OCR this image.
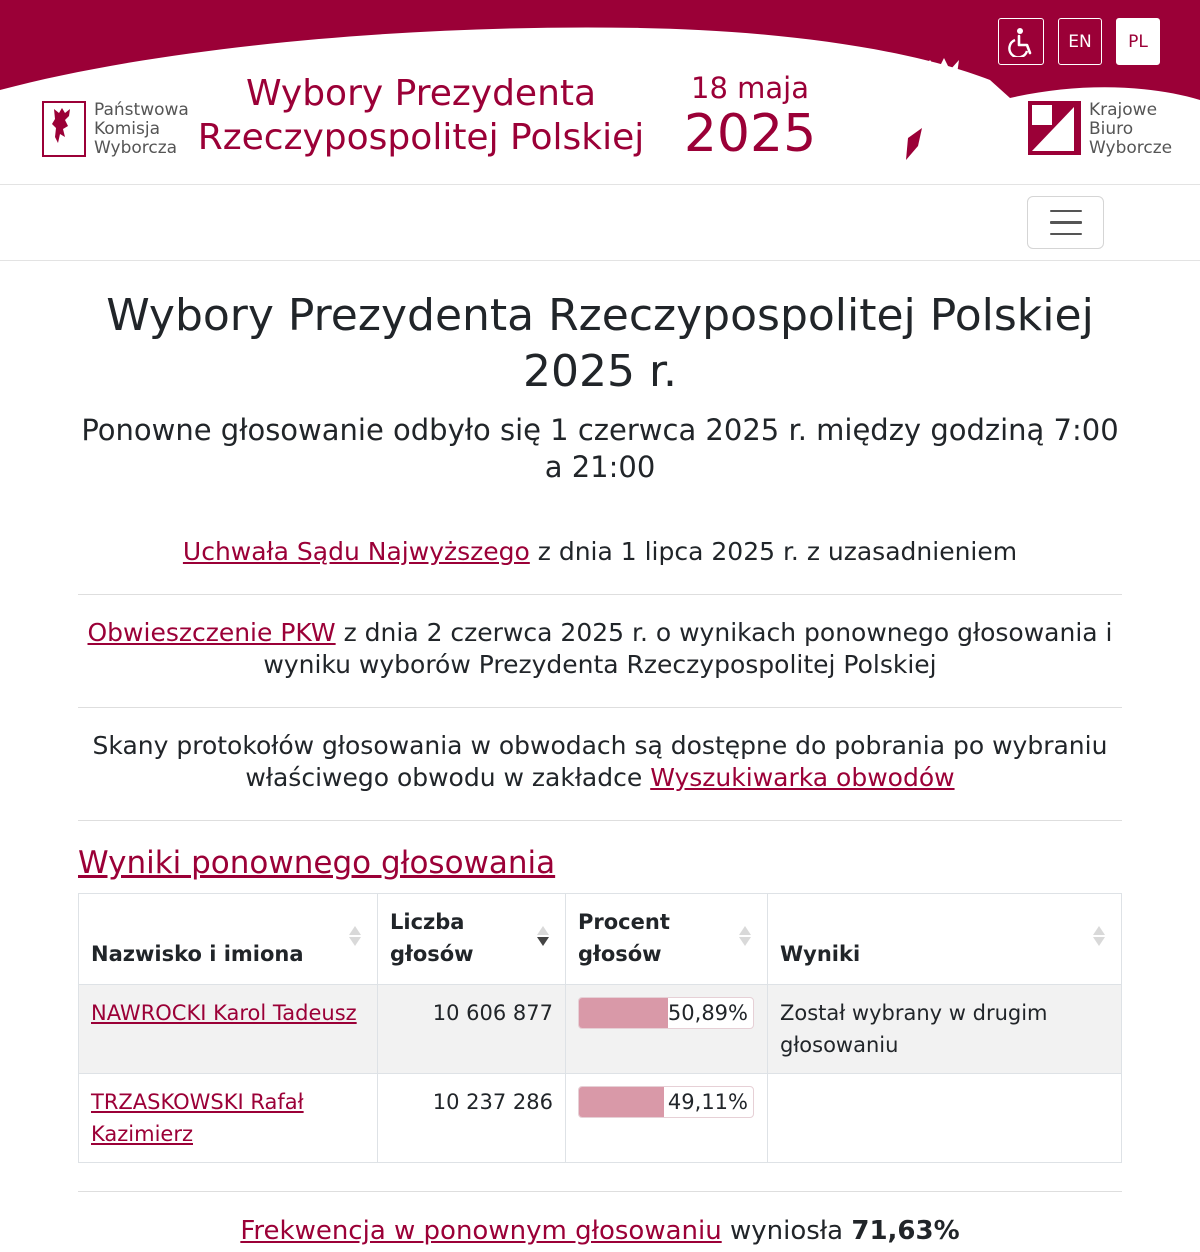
Państwowa
Komisja
Wyborcza
Wybory Prezydenta
Rzeczypospolitej Polskiej
18 maja
2025	Krajowe
Biuro
Wyborcze
EN	PL
Wybory Prezydenta Rzeczypospolitej Polskiej
2025 r.

Ponowne głosowanie odbyło się 1 czerwca 2025 r. między godziną 7:00 a 21:00

Uchwała Sądu Najwyższego z dnia 1 lipca 2025 r. z uzasadnieniem

Obwieszczenie PKW z dnia 2 czerwca 2025 r. o wynikach ponownego głosowania i wyniku wyborów Prezydenta Rzeczypospolitej Polskiej

Skany protokołów głosowania w obwodach są dostępne do pobrania po wybraniu właściwego obwodu w zakładce Wyszukiwarka obwodów

Wyniki ponownego głosowania
Nazwisko i imiona	Liczba głosów	Procent głosów	Wyniki

NAWROCKI Karol Tadeusz	10 606 877	50,89%	Został wybrany w drugim głosowaniu
TRZASKOWSKI Rafał Kazimierz	10 237 286	49,11%	

Frekwencja w ponownym głosowaniu wyniosła 71,63%
